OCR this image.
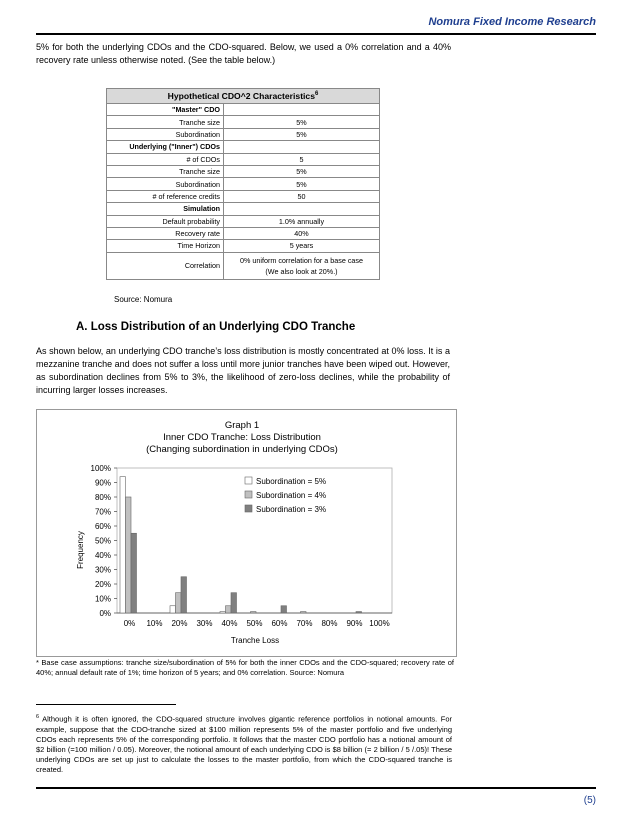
Nomura Fixed Income Research
5% for both the underlying CDOs and the CDO-squared. Below, we used a 0% correlation and a 40% recovery rate unless otherwise noted. (See the table below.)
Hypothetical CDO^2 Characteristics$^6$
"Master" CDO	
Tranche size	5%
Subordination	5%
Underlying ("Inner") CDOs	
# of CDOs	5
Tranche size	5%
Subordination	5%
# of reference credits	50
Simulation	
Default probability	1.0% annually
Recovery rate	40%
Time Horizon	5 years
Correlation	0% uniform correlation for a base case
(We also look at 20%.)
Source: Nomura
A. Loss Distribution of an Underlying CDO Tranche
As shown below, an underlying CDO tranche’s loss distribution is mostly concentrated at 0% loss. It is a mezzanine tranche and does not suffer a loss until more junior tranches have been wiped out. However, as subordination declines from 5% to 3%, the likelihood of zero-loss declines, while the probability of incurring larger losses increases.
Graph 1
Inner CDO Tranche: Loss Distribution
(Changing subordination in underlying CDOs)
0%
10%
20%
30%
40%
50%
60%
70%
80%
90%
100%
0% 10% 20% 30% 40% 50% 60% 70% 80% 90% 100%
Subordination = 5%
Subordination = 4%
Subordination = 3%
Tranche Loss
Frequency
* Base case assumptions: tranche size/subordination of 5% for both the inner CDOs and the CDO-squared; recovery rate of 40%; annual default rate of 1%; time horizon of 5 years; and 0% correlation. Source: Nomura
$^6$ Although it is often ignored, the CDO-squared structure involves gigantic reference portfolios in notional amounts. For example, suppose that the CDO-tranche sized at $100 million represents 5% of the master portfolio and five underlying CDOs each represents 5% of the corresponding portfolio. It follows that the master CDO portfolio has a notional amount of $2 billion (=100 million / 0.05). Moreover, the notional amount of each underlying CDO is $8 billion (= 2 billion / 5 /.05)! These underlying CDOs are set up just to calculate the losses to the master portfolio, from which the CDO-squared tranche is created.
(5)
